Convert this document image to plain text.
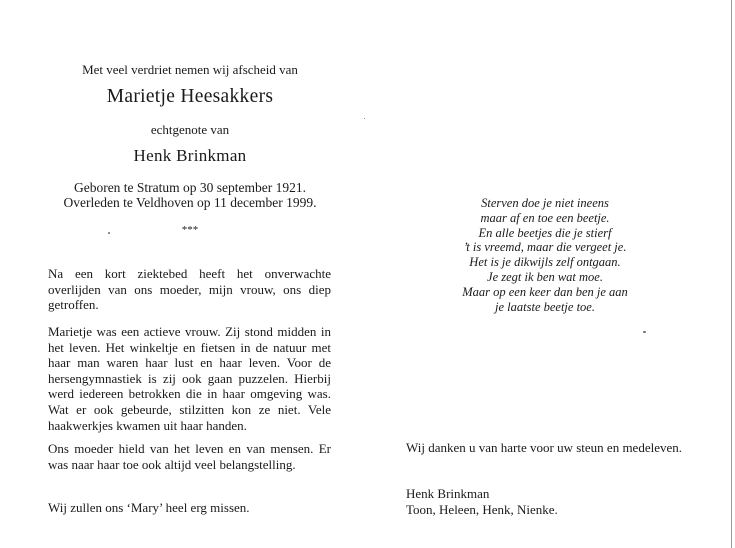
Met veel verdriet nemen wij afscheid van
Marietje Heesakkers
echtgenote van
Henk Brinkman
Geboren te Stratum op 30 september 1921.
Overleden te Veldhoven op 11 december 1999.
***
Na een kort ziektebed heeft het onverwachte overlijden van ons moeder, mijn vrouw, ons diep getroffen.
Marietje was een actieve vrouw. Zij stond midden in het leven. Het winkeltje en fietsen in de natuur met haar man waren haar lust en haar leven. Voor de hersengymnastiek is zij ook gaan puzzelen. Hierbij werd iedereen betrokken die in haar omgeving was. Wat er ook gebeurde, stilzitten kon ze niet. Vele haakwerkjes kwamen uit haar handen.
Ons moeder hield van het leven en van mensen. Er was naar haar toe ook altijd veel belangstelling.
Wij zullen ons ‘Mary’ heel erg missen.
Sterven doe je niet ineens
maar af en toe een beetje.
En alle beetjes die je stierf
’t is vreemd, maar die vergeet je.
Het is je dikwijls zelf ontgaan.
Je zegt ik ben wat moe.
Maar op een keer dan ben je aan
je laatste beetje toe.
Wij danken u van harte voor uw steun en medeleven.
Henk Brinkman
Toon, Heleen, Henk, Nienke.
